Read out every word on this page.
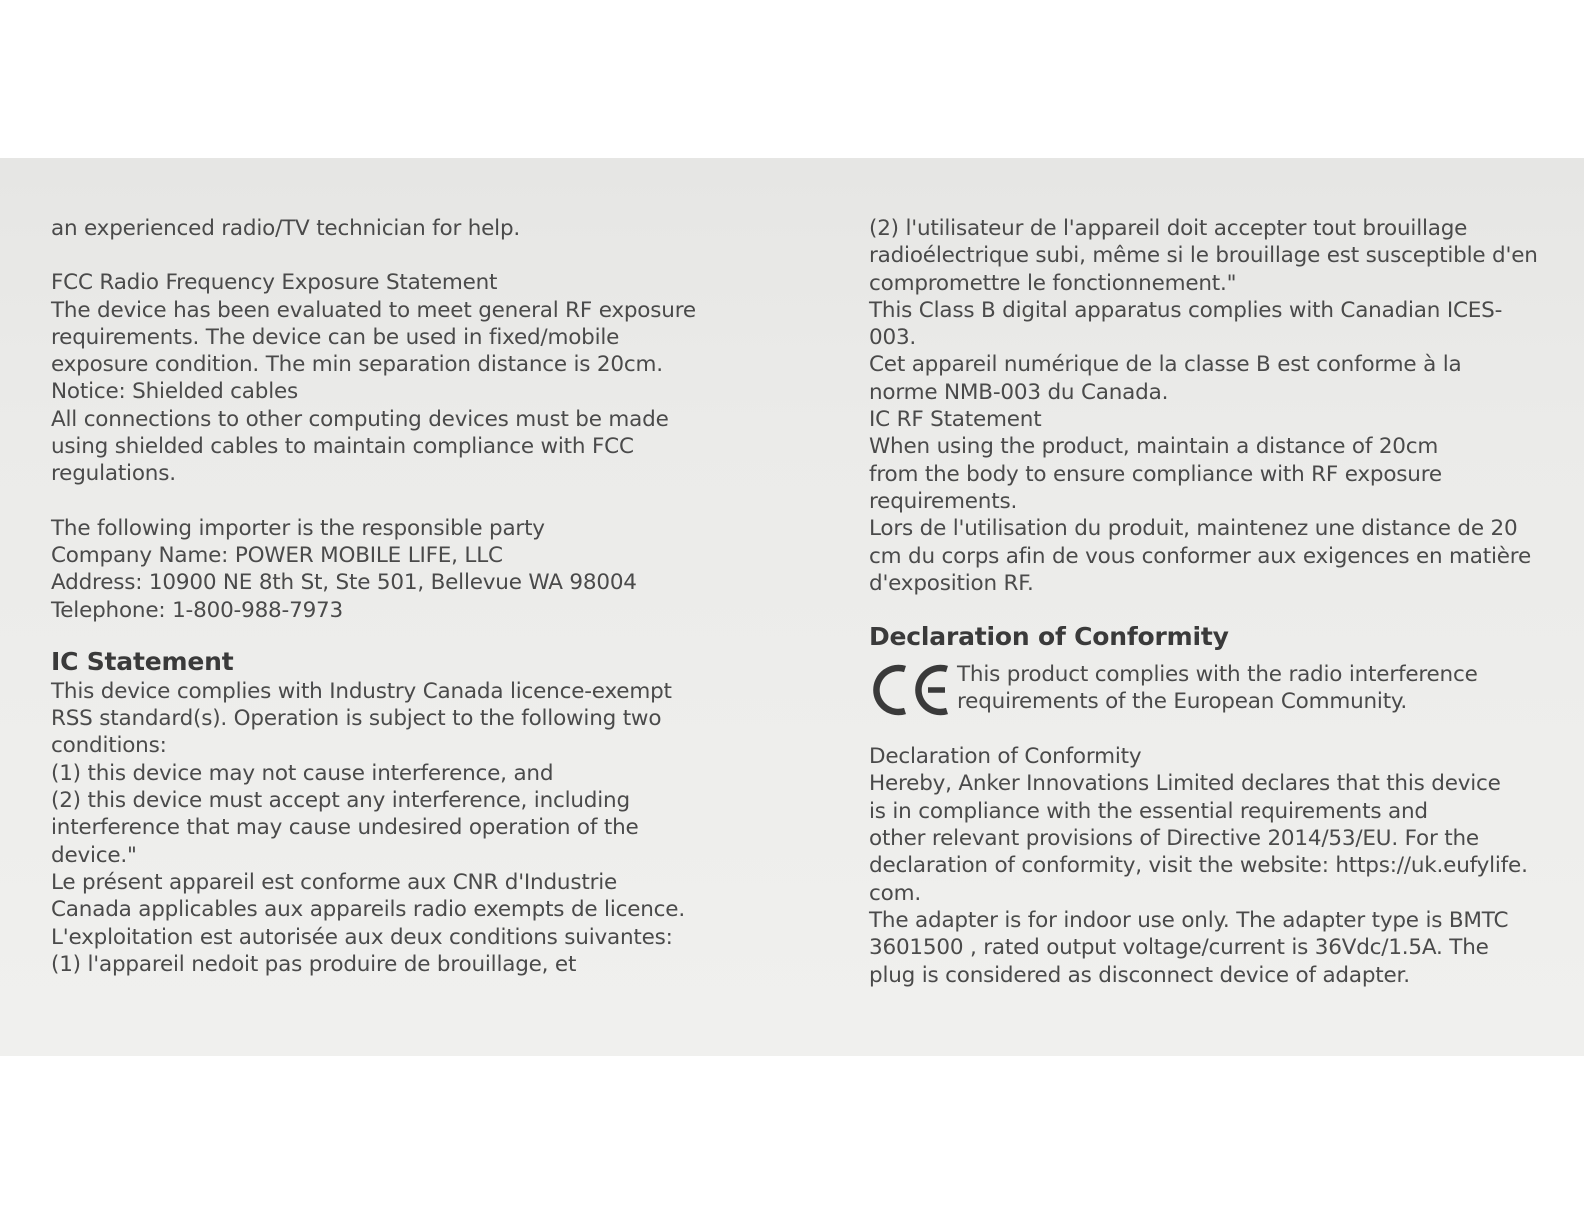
an experienced radio/TV technician for help.
FCC Radio Frequency Exposure Statement
The device has been evaluated to meet general RF exposure
requirements. The device can be used in fixed/mobile
exposure condition. The min separation distance is 20cm.
Notice: Shielded cables
All connections to other computing devices must be made
using shielded cables to maintain compliance with FCC
regulations.
The following importer is the responsible party
Company Name: POWER MOBILE LIFE, LLC
Address: 10900 NE 8th St, Ste 501, Bellevue WA 98004
Telephone: 1-800-988-7973
IC Statement
This device complies with Industry Canada licence-exempt
RSS standard(s). Operation is subject to the following two
conditions:
(1) this device may not cause interference, and
(2) this device must accept any interference, including
interference that may cause undesired operation of the
device."
Le présent appareil est conforme aux CNR d'Industrie
Canada applicables aux appareils radio exempts de licence.
L'exploitation est autorisée aux deux conditions suivantes:
(1) l'appareil nedoit pas produire de brouillage, et
(2) l'utilisateur de l'appareil doit accepter tout brouillage
radioélectrique subi, même si le brouillage est susceptible d'en
compromettre le fonctionnement."
This Class B digital apparatus complies with Canadian ICES-
003.
Cet appareil numérique de la classe B est conforme à la
norme NMB-003 du Canada.
IC RF Statement
When using the product, maintain a distance of 20cm
from the body to ensure compliance with RF exposure
requirements.
Lors de l'utilisation du produit, maintenez une distance de 20
cm du corps afin de vous conformer aux exigences en matière
d'exposition RF.
Declaration of Conformity
This product complies with the radio interference
requirements of the European Community.
Declaration of Conformity
Hereby, Anker Innovations Limited declares that this device
is in compliance with the essential requirements and
other relevant provisions of Directive 2014/53/EU. For the
declaration of conformity, visit the website: https://uk.eufylife.
com.
The adapter is for indoor use only. The adapter type is BMTC
3601500 , rated output voltage/current is 36Vdc/1.5A. The
plug is considered as disconnect device of adapter.
